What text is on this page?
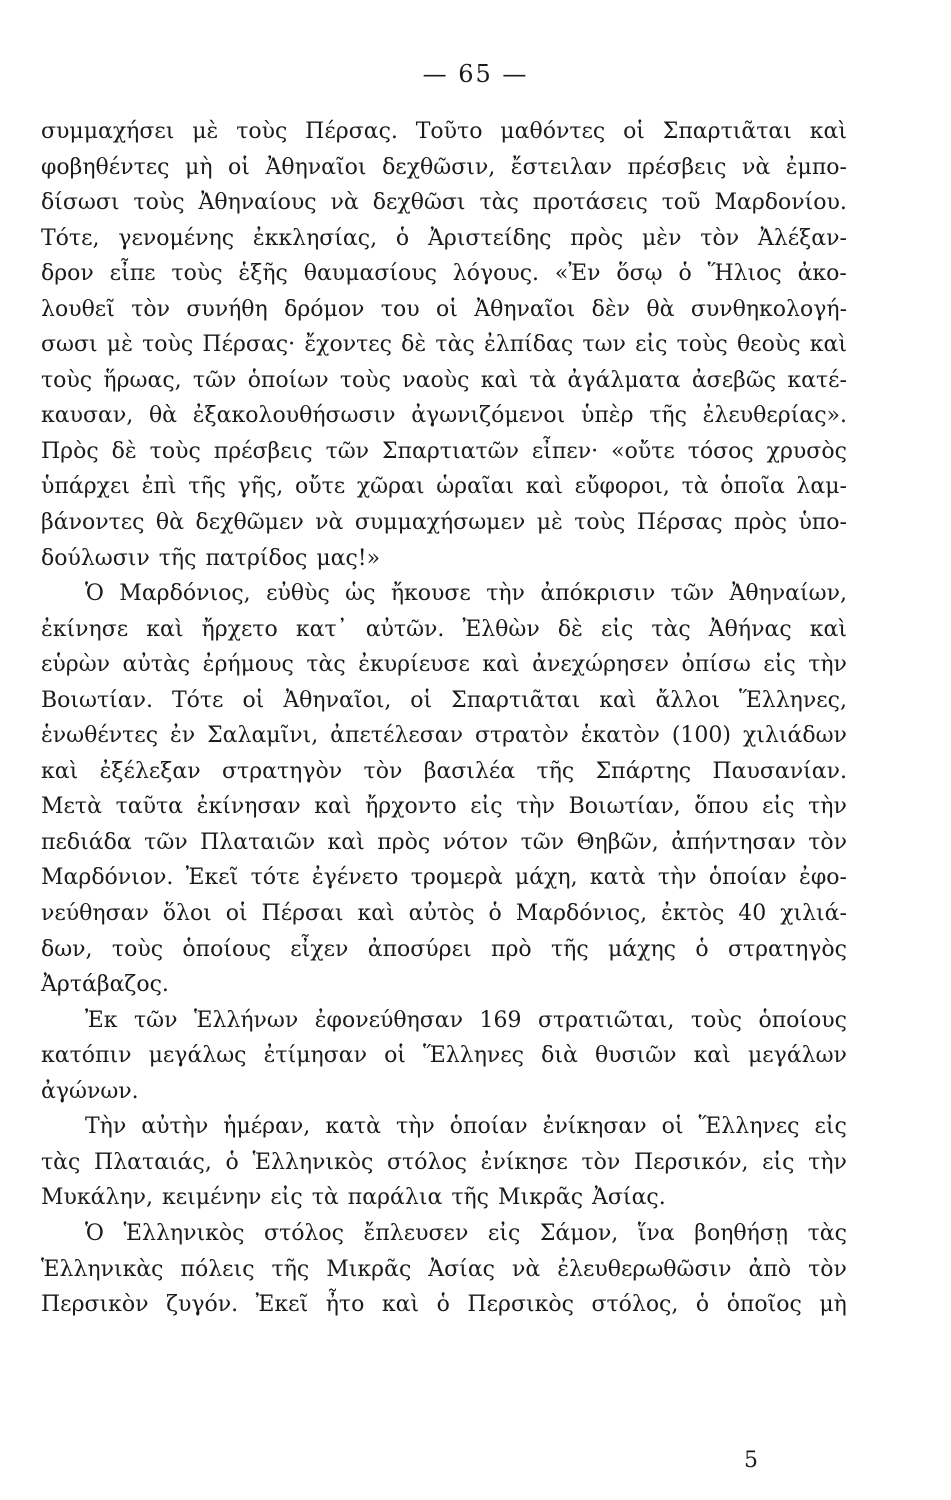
— 65 —
συμμαχήσει μὲ τοὺς Πέρσας. Τοῦτο μαθόντες οἱ Σπαρτιᾶται καὶ
φοβηθέντες μὴ οἱ Ἀθηναῖοι δεχθῶσιν, ἔστειλαν πρέσβεις νὰ ἐμπο-
δίσωσι τοὺς Ἀθηναίους νὰ δεχθῶσι τὰς προτάσεις τοῦ Μαρδονίου.
Τότε, γενομένης ἐκκλησίας, ὁ Ἀριστείδης πρὸς μὲν τὸν Ἀλέξαν-
δρον εἶπε τοὺς ἑξῆς θαυμασίους λόγους. «Ἐν ὅσῳ ὁ Ἥλιος ἀκο-
λουθεῖ τὸν συνήθη δρόμον του οἱ Ἀθηναῖοι δὲν θὰ συνθηκολογή-
σωσι μὲ τοὺς Πέρσας· ἔχοντες δὲ τὰς ἐλπίδας των εἰς τοὺς θεοὺς καὶ
τοὺς ἥρωας, τῶν ὁποίων τοὺς ναοὺς καὶ τὰ ἀγάλματα ἀσεβῶς κατέ-
καυσαν, θὰ ἐξακολουθήσωσιν ἀγωνιζόμενοι ὑπὲρ τῆς ἐλευθερίας».
Πρὸς δὲ τοὺς πρέσβεις τῶν Σπαρτιατῶν εἶπεν· «οὔτε τόσος χρυσὸς
ὑπάρχει ἐπὶ τῆς γῆς, οὔτε χῶραι ὡραῖαι καὶ εὔφοροι, τὰ ὁποῖα λαμ-
βάνοντες θὰ δεχθῶμεν νὰ συμμαχήσωμεν μὲ τοὺς Πέρσας πρὸς ὑπο-
δούλωσιν τῆς πατρίδος μας!»
Ὁ Μαρδόνιος, εὐθὺς ὡς ἤκουσε τὴν ἀπόκρισιν τῶν Ἀθηναίων,
ἐκίνησε καὶ ἤρχετο κατ᾽ αὐτῶν. Ἐλθὼν δὲ εἰς τὰς Ἀθήνας καὶ
εὑρὼν αὐτὰς ἐρήμους τὰς ἐκυρίευσε καὶ ἀνεχώρησεν ὀπίσω εἰς τὴν
Βοιωτίαν. Τότε οἱ Ἀθηναῖοι, οἱ Σπαρτιᾶται καὶ ἄλλοι Ἕλληνες,
ἑνωθέντες ἐν Σαλαμῖνι, ἀπετέλεσαν στρατὸν ἑκατὸν (100) χιλιάδων
καὶ ἐξέλεξαν στρατηγὸν τὸν βασιλέα τῆς Σπάρτης Παυσανίαν.
Μετὰ ταῦτα ἐκίνησαν καὶ ἤρχοντο εἰς τὴν Βοιωτίαν, ὅπου εἰς τὴν
πεδιάδα τῶν Πλαταιῶν καὶ πρὸς νότον τῶν Θηβῶν, ἀπήντησαν τὸν
Μαρδόνιον. Ἐκεῖ τότε ἐγένετο τρομερὰ μάχη, κατὰ τὴν ὁποίαν ἐφο-
νεύθησαν ὅλοι οἱ Πέρσαι καὶ αὐτὸς ὁ Μαρδόνιος, ἐκτὸς 40 χιλιά-
δων, τοὺς ὁποίους εἶχεν ἀποσύρει πρὸ τῆς μάχης ὁ στρατηγὸς
Ἀρτάβαζος.
Ἐκ τῶν Ἑλλήνων ἐφονεύθησαν 169 στρατιῶται, τοὺς ὁποίους
κατόπιν μεγάλως ἐτίμησαν οἱ Ἕλληνες διὰ θυσιῶν καὶ μεγάλων
ἀγώνων.
Τὴν αὐτὴν ἡμέραν, κατὰ τὴν ὁποίαν ἐνίκησαν οἱ Ἕλληνες εἰς
τὰς Πλαταιάς, ὁ Ἑλληνικὸς στόλος ἐνίκησε τὸν Περσικόν, εἰς τὴν
Μυκάλην, κειμένην εἰς τὰ παράλια τῆς Μικρᾶς Ἀσίας.
Ὁ Ἑλληνικὸς στόλος ἔπλευσεν εἰς Σάμον, ἵνα βοηθήσῃ τὰς
Ἑλληνικὰς πόλεις τῆς Μικρᾶς Ἀσίας νὰ ἐλευθερωθῶσιν ἀπὸ τὸν
Περσικὸν ζυγόν. Ἐκεῖ ἦτο καὶ ὁ Περσικὸς στόλος, ὁ ὁποῖος μὴ
5
